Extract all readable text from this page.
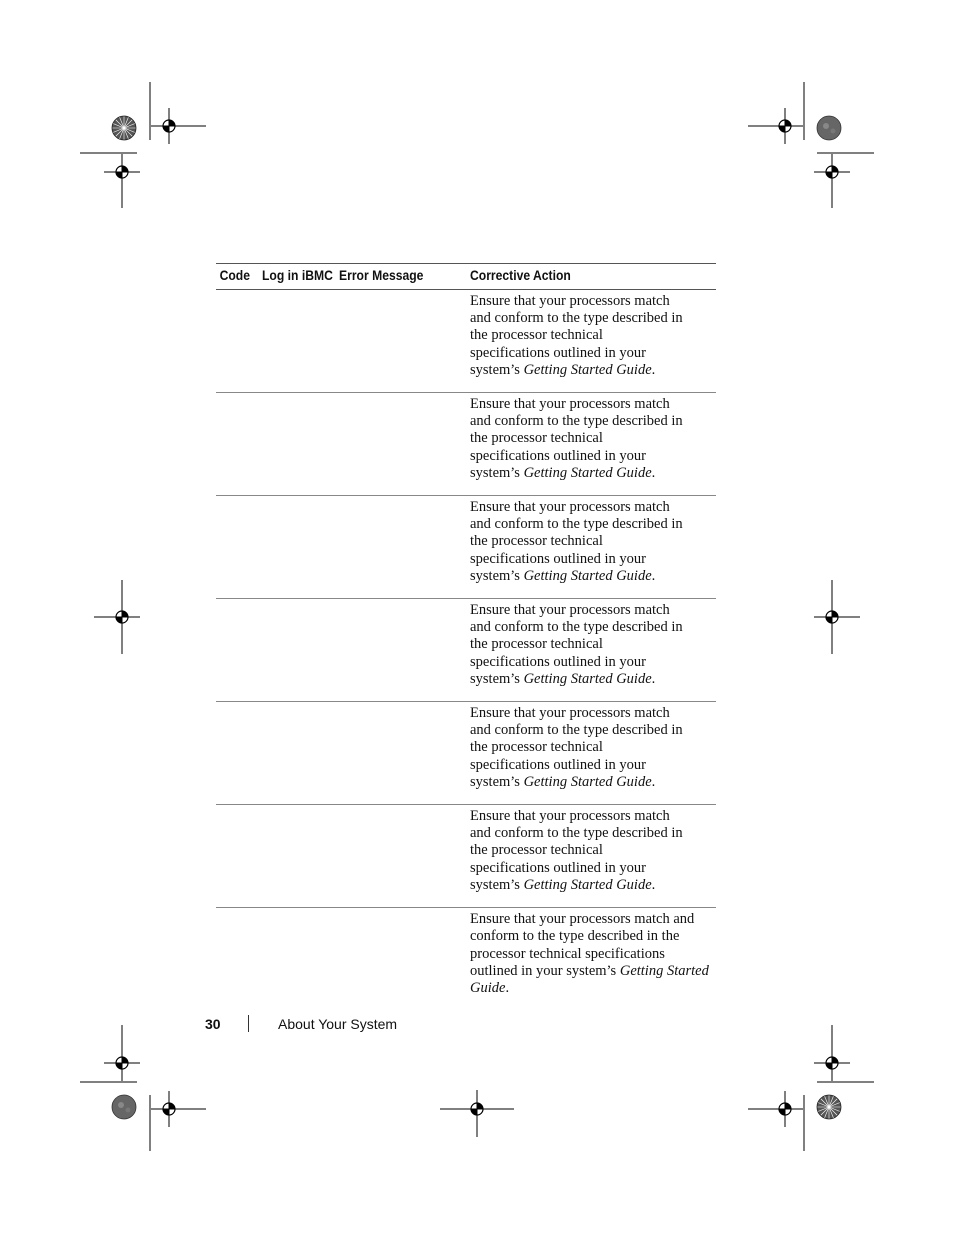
Code	Log in iBMC	Error Message	Corrective Action

			Ensure that your processors match
and conform to the type described in
the processor technical
specifications outlined in your
system’s Getting Started Guide.

			Ensure that your processors match
and conform to the type described in
the processor technical
specifications outlined in your
system’s Getting Started Guide.

			Ensure that your processors match
and conform to the type described in
the processor technical
specifications outlined in your
system’s Getting Started Guide.

			Ensure that your processors match
and conform to the type described in
the processor technical
specifications outlined in your
system’s Getting Started Guide.

			Ensure that your processors match
and conform to the type described in
the processor technical
specifications outlined in your
system’s Getting Started Guide.

			Ensure that your processors match
and conform to the type described in
the processor technical
specifications outlined in your
system’s Getting Started Guide.

			Ensure that your processors match and
conform to the type described in the
processor technical specifications
outlined in your system’s Getting Started
Guide.
30	About Your System
